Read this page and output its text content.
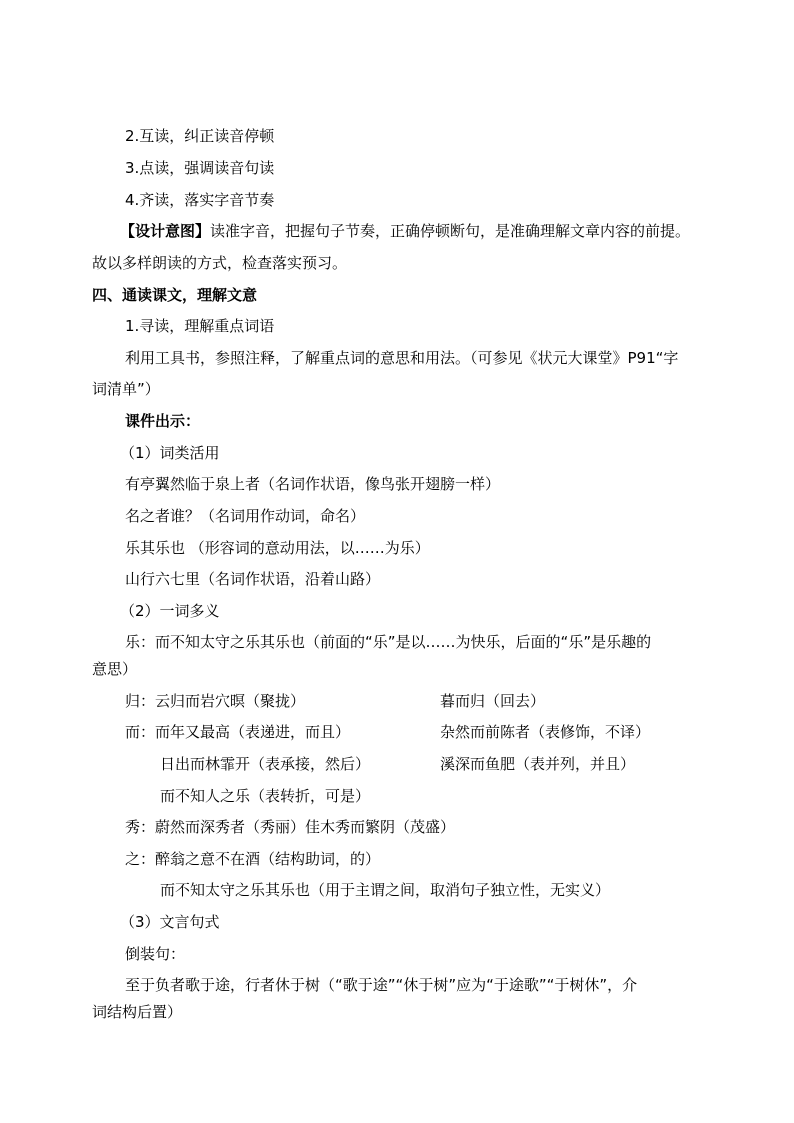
2.互读，纠正读音停顿
3.点读，强调读音句读
4.齐读，落实字音节奏
【设计意图】读准字音，把握句子节奏，正确停顿断句，是准确理解文章内容的前提。
故以多样朗读的方式，检查落实预习。
四、通读课文，理解文意
1.寻读，理解重点词语
利用工具书，参照注释，了解重点词的意思和用法。（可参见《状元大课堂》P91“字
词清单”）
课件出示：
（1）词类活用
有亭翼然临于泉上者（名词作状语，像鸟张开翅膀一样）
名之者谁？（名词用作动词，命名）
乐其乐也 （形容词的意动用法，以……为乐）
山行六七里（名词作状语，沿着山路）
（2）一词多义
乐：而不知太守之乐其乐也（前面的“乐”是以……为快乐，后面的“乐”是乐趣的
意思）
归：云归而岩穴暝（聚拢）	暮而归（回去）
而：而年又最高（表递进，而且）	杂然而前陈者（表修饰，不译）
日出而林霏开（表承接，然后）	溪深而鱼肥（表并列，并且）
而不知人之乐（表转折，可是）
秀：蔚然而深秀者（秀丽）佳木秀而繁阴（茂盛）
之：醉翁之意不在酒（结构助词，的）
而不知太守之乐其乐也（用于主谓之间，取消句子独立性，无实义）
（3）文言句式
倒装句：
至于负者歌于途，行者休于树（“歌于途”“休于树”应为“于途歌”“于树休”，介
词结构后置）
